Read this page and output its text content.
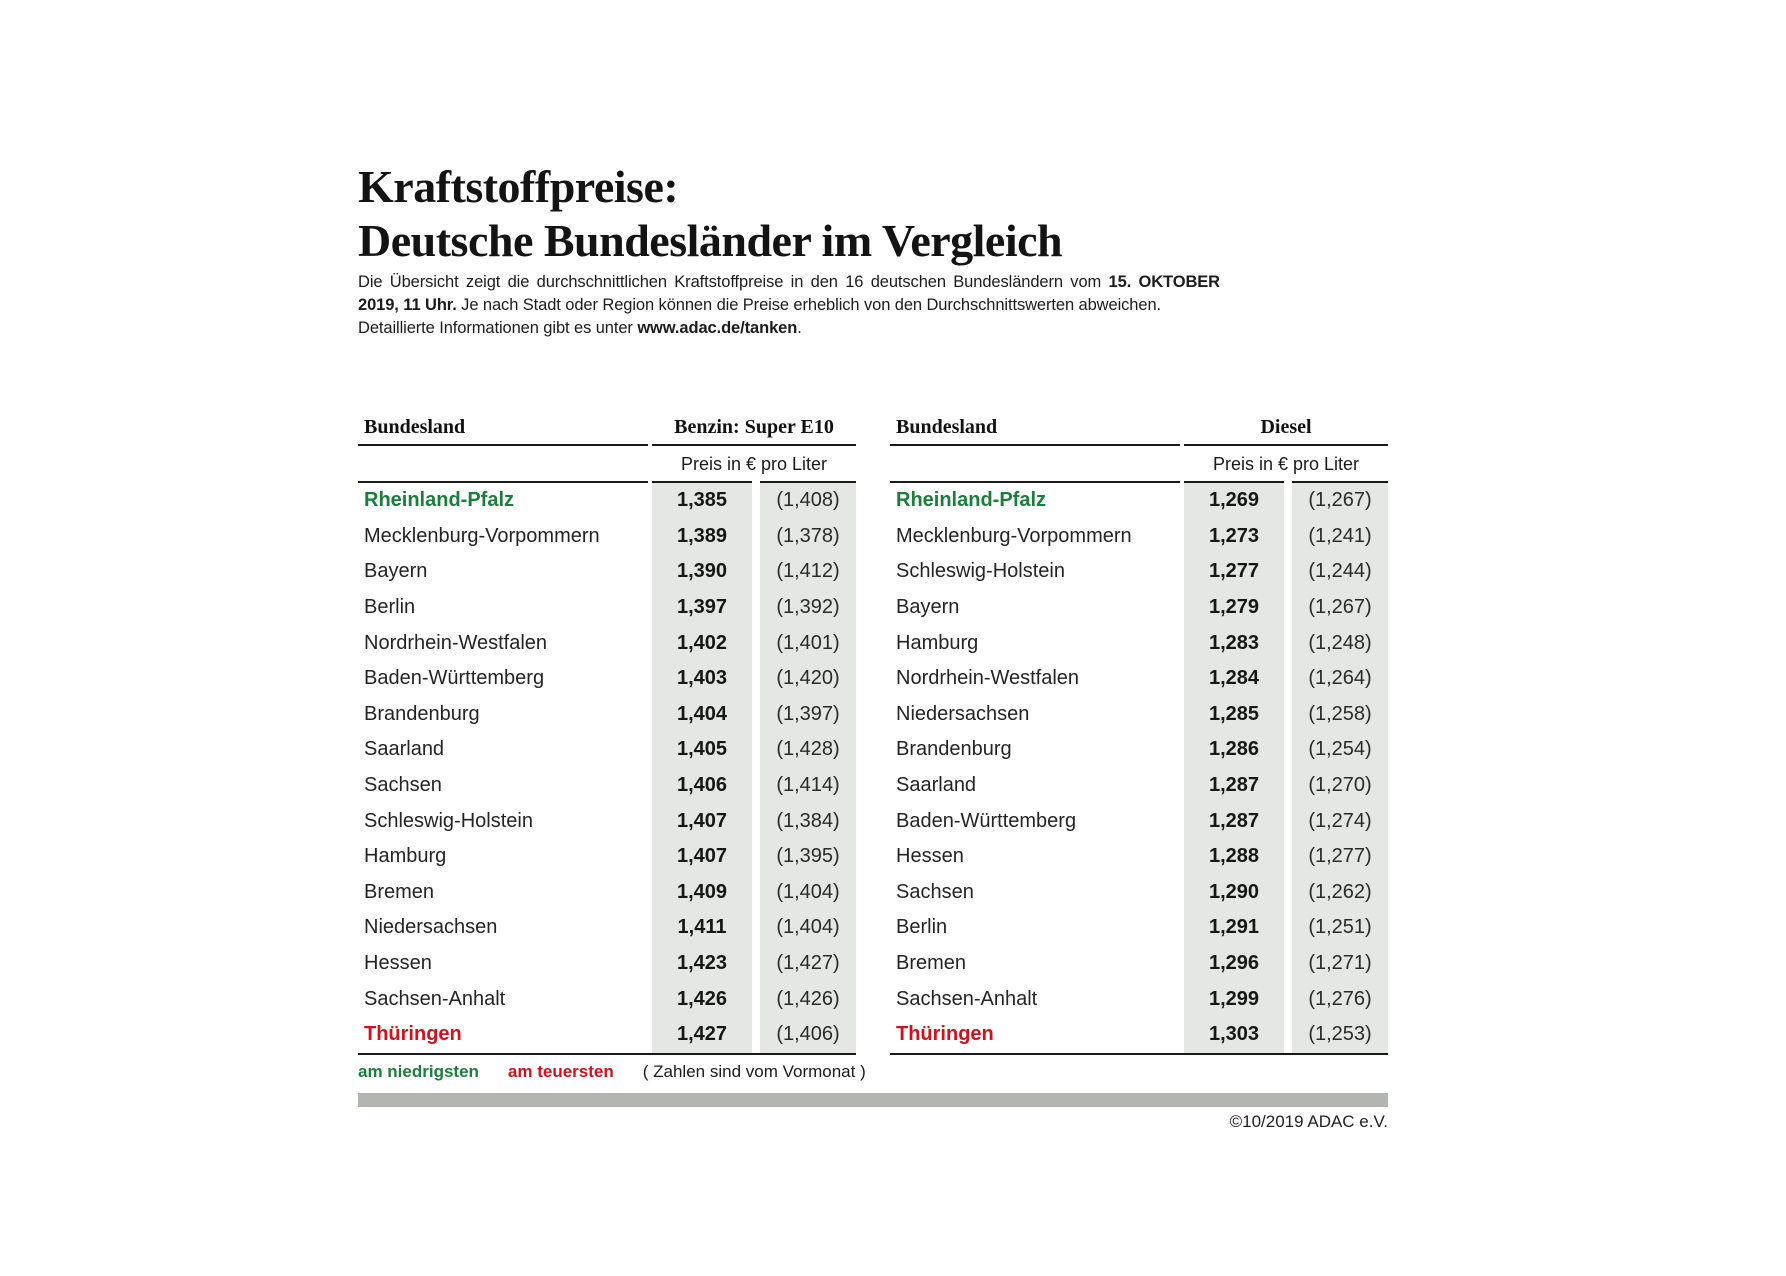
Kraftstoffpreise:
Deutsche Bundesländer im Vergleich
Die Übersicht zeigt die durchschnittlichen Kraftstoffpreise in den 16 deutschen Bundesländern vom 15. OKTOBER
2019, 11 Uhr. Je nach Stadt oder Region können die Preise erheblich von den Durchschnittswerten abweichen.
Detaillierte Informationen gibt es unter www.adac.de/tanken.
Bundesland	Benzin: Super E10
Preis in € pro Liter
Rheinland-Pfalz	1,385	(1,408)
Mecklenburg-Vorpommern	1,389	(1,378)
Bayern	1,390	(1,412)
Berlin	1,397	(1,392)
Nordrhein-Westfalen	1,402	(1,401)
Baden-Württemberg	1,403	(1,420)
Brandenburg	1,404	(1,397)
Saarland	1,405	(1,428)
Sachsen	1,406	(1,414)
Schleswig-Holstein	1,407	(1,384)
Hamburg	1,407	(1,395)
Bremen	1,409	(1,404)
Niedersachsen	1,411	(1,404)
Hessen	1,423	(1,427)
Sachsen-Anhalt	1,426	(1,426)
Thüringen	1,427	(1,406)
Bundesland	Diesel
Preis in € pro Liter
Rheinland-Pfalz	1,269	(1,267)
Mecklenburg-Vorpommern	1,273	(1,241)
Schleswig-Holstein	1,277	(1,244)
Bayern	1,279	(1,267)
Hamburg	1,283	(1,248)
Nordrhein-Westfalen	1,284	(1,264)
Niedersachsen	1,285	(1,258)
Brandenburg	1,286	(1,254)
Saarland	1,287	(1,270)
Baden-Württemberg	1,287	(1,274)
Hessen	1,288	(1,277)
Sachsen	1,290	(1,262)
Berlin	1,291	(1,251)
Bremen	1,296	(1,271)
Sachsen-Anhalt	1,299	(1,276)
Thüringen	1,303	(1,253)
am niedrigsten am teuersten ( Zahlen sind vom Vormonat )
©10/2019 ADAC e.V.
